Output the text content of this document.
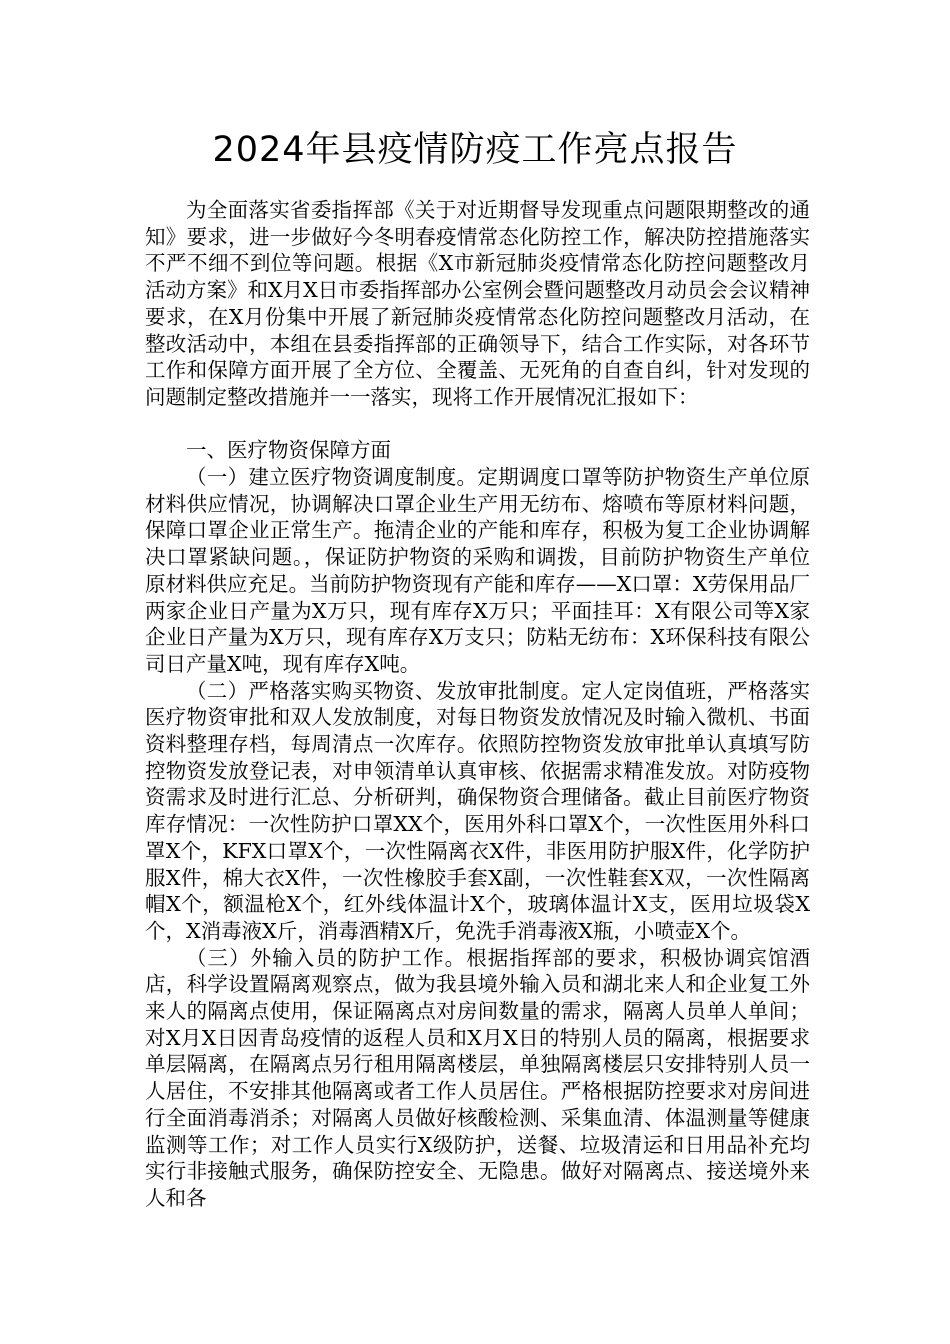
2024年县疫情防疫工作亮点报告

为全面落实省委指挥部《关于对近期督导发现重点问题限期整改的通知》要求，进一步做好今冬明春疫情常态化防控工作，解决防控措施落实不严不细不到位等问题。根据《X市新冠肺炎疫情常态化防控问题整改月活动方案》和X月X日市委指挥部办公室例会暨问题整改月动员会会议精神要求，在X月份集中开展了新冠肺炎疫情常态化防控问题整改月活动，在整改活动中，本组在县委指挥部的正确领导下，结合工作实际，对各环节工作和保障方面开展了全方位、全覆盖、无死角的自查自纠，针对发现的问题制定整改措施并一一落实，现将工作开展情况汇报如下：

一、医疗物资保障方面

（一）建立医疗物资调度制度。定期调度口罩等防护物资生产单位原材料供应情况，协调解决口罩企业生产用无纺布、熔喷布等原材料问题，保障口罩企业正常生产。拖清企业的产能和库存，积极为复工企业协调解决口罩紧缺问题。，保证防护物资的采购和调拨，目前防护物资生产单位原材料供应充足。当前防护物资现有产能和库存——X口罩：X劳保用品厂两家企业日产量为X万只，现有库存X万只；平面挂耳：X有限公司等X家企业日产量为X万只，现有库存X万支只；防粘无纺布：X环保科技有限公司日产量X吨，现有库存X吨。

（二）严格落实购买物资、发放审批制度。定人定岗值班，严格落实医疗物资审批和双人发放制度，对每日物资发放情况及时输入微机、书面资料整理存档，每周清点一次库存。依照防控物资发放审批单认真填写防控物资发放登记表，对申领清单认真审核、依据需求精准发放。对防疫物资需求及时进行汇总、分析研判，确保物资合理储备。截止目前医疗物资库存情况：一次性防护口罩XX个，医用外科口罩X个，一次性医用外科口罩X个，KFX口罩X个，一次性隔离衣X件，非医用防护服X件，化学防护服X件，棉大衣X件，一次性橡胶手套X副，一次性鞋套X双，一次性隔离帽X个，额温枪X个，红外线体温计X个，玻璃体温计X支，医用垃圾袋X个，X消毒液X斤，消毒酒精X斤，免洗手消毒液X瓶，小喷壶X个。

（三）外输入员的防护工作。根据指挥部的要求，积极协调宾馆酒店，科学设置隔离观察点，做为我县境外输入员和湖北来人和企业复工外来人的隔离点使用，保证隔离点对房间数量的需求，隔离人员单人单间；对X月X日因青岛疫情的返程人员和X月X日的特别人员的隔离，根据要求单层隔离，在隔离点另行租用隔离楼层，单独隔离楼层只安排特别人员一人居住，不安排其他隔离或者工作人员居住。严格根据防控要求对房间进行全面消毒消杀；对隔离人员做好核酸检测、采集血清、体温测量等健康监测等工作；对工作人员实行X级防护，送餐、垃圾清运和日用品补充均实行非接触式服务，确保防控安全、无隐患。做好对隔离点、接送境外来人和各
